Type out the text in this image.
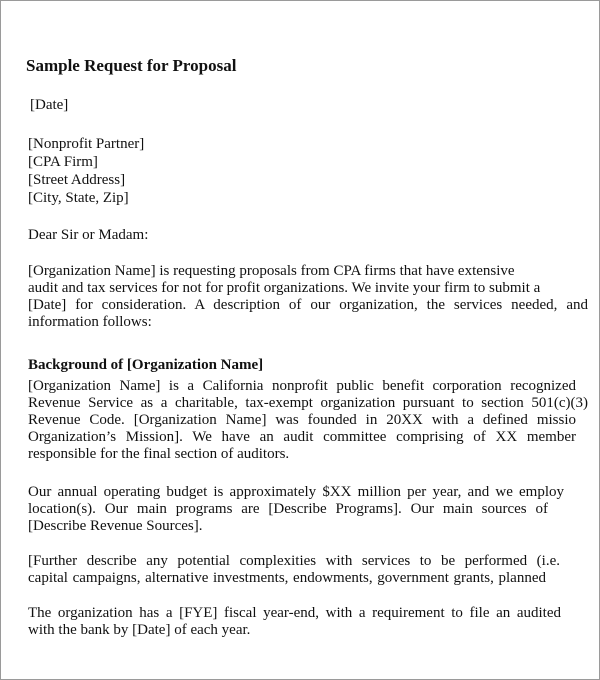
Sample Request for Proposal
[Date]
[Nonprofit Partner]
[CPA Firm]
[Street Address]
[City, State, Zip]
Dear Sir or Madam:
[Organization Name] is requesting proposals from CPA firms that have extensive
audit and tax services for not for profit organizations. We invite your firm to submit a
[Date] for consideration. A description of our organization, the services needed, and
information follows:
Background of [Organization Name]
[Organization Name] is a California nonprofit public benefit corporation recognized
Revenue Service as a charitable, tax-exempt organization pursuant to section 501(c)(3)
Revenue Code. [Organization Name] was founded in 20XX with a defined missio
Organization’s Mission]. We have an audit committee comprising of XX member
responsible for the final section of auditors.
Our annual operating budget is approximately $XX million per year, and we employ
location(s). Our main programs are [Describe Programs]. Our main sources of
[Describe Revenue Sources].
[Further describe any potential complexities with services to be performed (i.e.
capital campaigns, alternative investments, endowments, government grants, planned
The organization has a [FYE] fiscal year-end, with a requirement to file an audited
with the bank by [Date] of each year.
